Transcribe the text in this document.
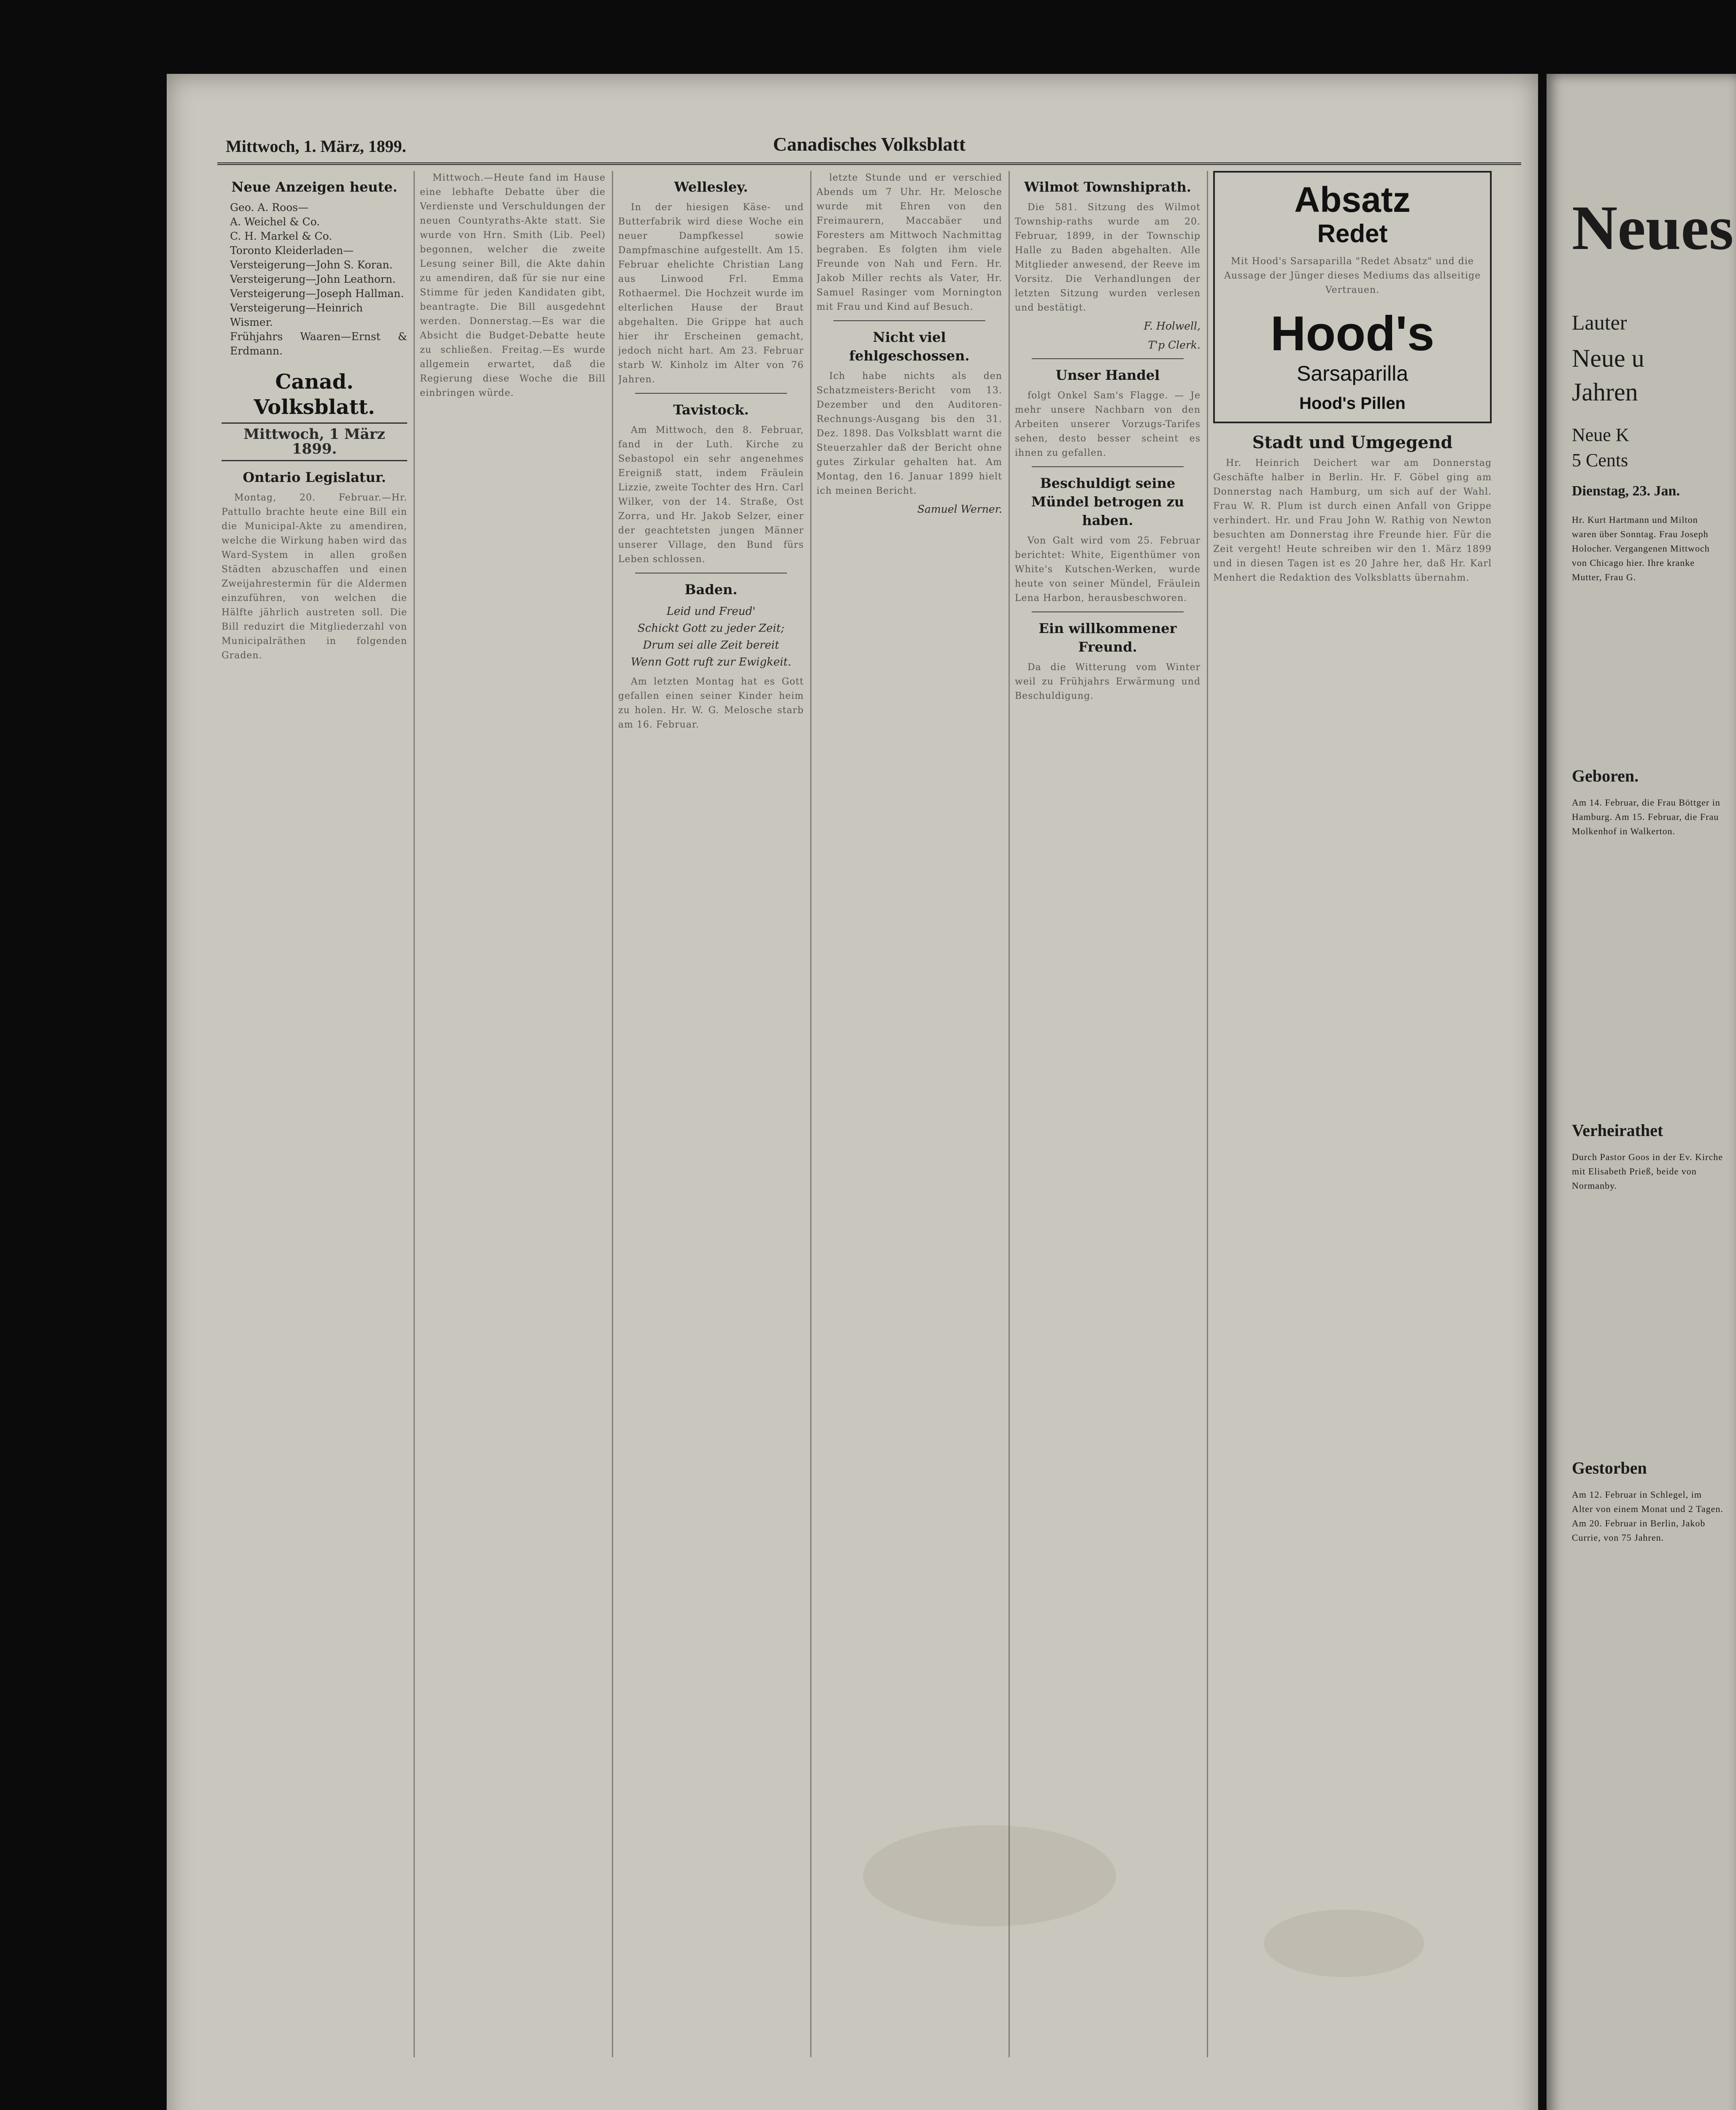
Mittwoch, 1. März, 1899.	Canadisches Volksblatt
Neue Anzeigen heute.
Geo. A. Roos—
A. Weichel & Co.
C. H. Markel & Co.
Toronto Kleiderladen—
Versteigerung—John S. Koran.
Versteigerung—John Leathorn.
Versteigerung—Joseph Hallman.
Versteigerung—Heinrich Wismer.
Frühjahrs Waaren—Ernst & Erdmann.
Canad. Volksblatt.
Mittwoch, 1 März 1899.
Ontario Legislatur.
Montag, 20. Februar.—Hr. Pattullo brachte heute eine Bill ein die Municipal-Akte zu amendiren, welche die Wirkung haben wird das Ward-System in allen großen Städten abzuschaffen und einen Zweijahrestermin für die Aldermen einzuführen, von welchen die Hälfte jährlich austreten soll. Die Bill reduzirt die Mitgliederzahl von Municipalräthen in folgenden Graden.
Mittwoch.—Heute fand im Hause eine lebhafte Debatte über die Verdienste und Verschuldungen der neuen Countyraths-Akte statt. Sie wurde von Hrn. Smith (Lib. Peel) begonnen, welcher die zweite Lesung seiner Bill, die Akte dahin zu amendiren, daß für sie nur eine Stimme für jeden Kandidaten gibt, beantragte. Die Bill ausgedehnt werden. Donnerstag.—Es war die Absicht die Budget-Debatte heute zu schließen. Freitag.—Es wurde allgemein erwartet, daß die Regierung diese Woche die Bill einbringen würde.
Wellesley.
In der hiesigen Käse- und Butterfabrik wird diese Woche ein neuer Dampfkessel sowie Dampfmaschine aufgestellt. Am 15. Februar ehelichte Christian Lang aus Linwood Frl. Emma Rothaermel. Die Hochzeit wurde im elterlichen Hause der Braut abgehalten. Die Grippe hat auch hier ihr Erscheinen gemacht, jedoch nicht hart. Am 23. Februar starb W. Kinholz im Alter von 76 Jahren.
Tavistock.
Am Mittwoch, den 8. Februar, fand in der Luth. Kirche zu Sebastopol ein sehr angenehmes Ereigniß statt, indem Fräulein Lizzie, zweite Tochter des Hrn. Carl Wilker, von der 14. Straße, Ost Zorra, und Hr. Jakob Selzer, einer der geachtetsten jungen Männer unserer Village, den Bund fürs Leben schlossen.
Baden.
Leid und Freud'
Schickt Gott zu jeder Zeit;
Drum sei alle Zeit bereit
Wenn Gott ruft zur Ewigkeit.
Am letzten Montag hat es Gott gefallen einen seiner Kinder heim zu holen. Hr. W. G. Melosche starb am 16. Februar.
letzte Stunde und er verschied Abends um 7 Uhr. Hr. Melosche wurde mit Ehren von den Freimaurern, Maccabäer und Foresters am Mittwoch Nachmittag begraben. Es folgten ihm viele Freunde von Nah und Fern. Hr. Jakob Miller rechts als Vater, Hr. Samuel Rasinger vom Mornington mit Frau und Kind auf Besuch.
Nicht viel fehlgeschossen.
Ich habe nichts als den Schatzmeisters-Bericht vom 13. Dezember und den Auditoren-Rechnungs-Ausgang bis den 31. Dez. 1898. Das Volksblatt warnt die Steuerzahler daß der Bericht ohne gutes Zirkular gehalten hat. Am Montag, den 16. Januar 1899 hielt ich meinen Bericht.
Samuel Werner.
Wilmot Townshiprath.
Die 581. Sitzung des Wilmot Township-raths wurde am 20. Februar, 1899, in der Townschip Halle zu Baden abgehalten. Alle Mitglieder anwesend, der Reeve im Vorsitz. Die Verhandlungen der letzten Sitzung wurden verlesen und bestätigt.
F. Holwell,
T'p Clerk.
Unser Handel
folgt Onkel Sam's Flagge. — Je mehr unsere Nachbarn von den Arbeiten unserer Vorzugs-Tarifes sehen, desto besser scheint es ihnen zu gefallen.
Beschuldigt seine Mündel betrogen zu haben.
Von Galt wird vom 25. Februar berichtet: White, Eigenthümer von White's Kutschen-Werken, wurde heute von seiner Mündel, Fräulein Lena Harbon, herausbeschworen.
Ein willkommener Freund.
Da die Witterung vom Winter weil zu Frühjahrs Erwärmung und Beschuldigung.
Absatz
Redet
Mit Hood's Sarsaparilla "Redet Absatz" und die Aussage der Jünger dieses Mediums das allseitige Vertrauen.
Hood's
Sarsaparilla
Hood's Pillen
Stadt und Umgegend
Hr. Heinrich Deichert war am Donnerstag Geschäfte halber in Berlin. Hr. F. Göbel ging am Donnerstag nach Hamburg, um sich auf der Wahl. Frau W. R. Plum ist durch einen Anfall von Grippe verhindert. Hr. und Frau John W. Rathig von Newton besuchten am Donnerstag ihre Freunde hier. Für die Zeit vergeht! Heute schreiben wir den 1. März 1899 und in diesen Tagen ist es 20 Jahre her, daß Hr. Karl Menhert die Redaktion des Volksblatts übernahm.
Neues
Lauter
Neue u
Jahren
Neue K
5 Cents
Dienstag, 23. Jan.
Hr. Kurt Hartmann und Milton waren über Sonntag. Frau Joseph Holocher. Vergangenen Mittwoch von Chicago hier. Ihre kranke Mutter, Frau G.
Geboren.
Am 14. Februar, die Frau Böttger in Hamburg. Am 15. Februar, die Frau Molkenhof in Walkerton.
Verheirathet
Durch Pastor Goos in der Ev. Kirche mit Elisabeth Prieß, beide von Normanby.
Gestorben
Am 12. Februar in Schlegel, im Alter von einem Monat und 2 Tagen. Am 20. Februar in Berlin, Jakob Currie, von 75 Jahren.
